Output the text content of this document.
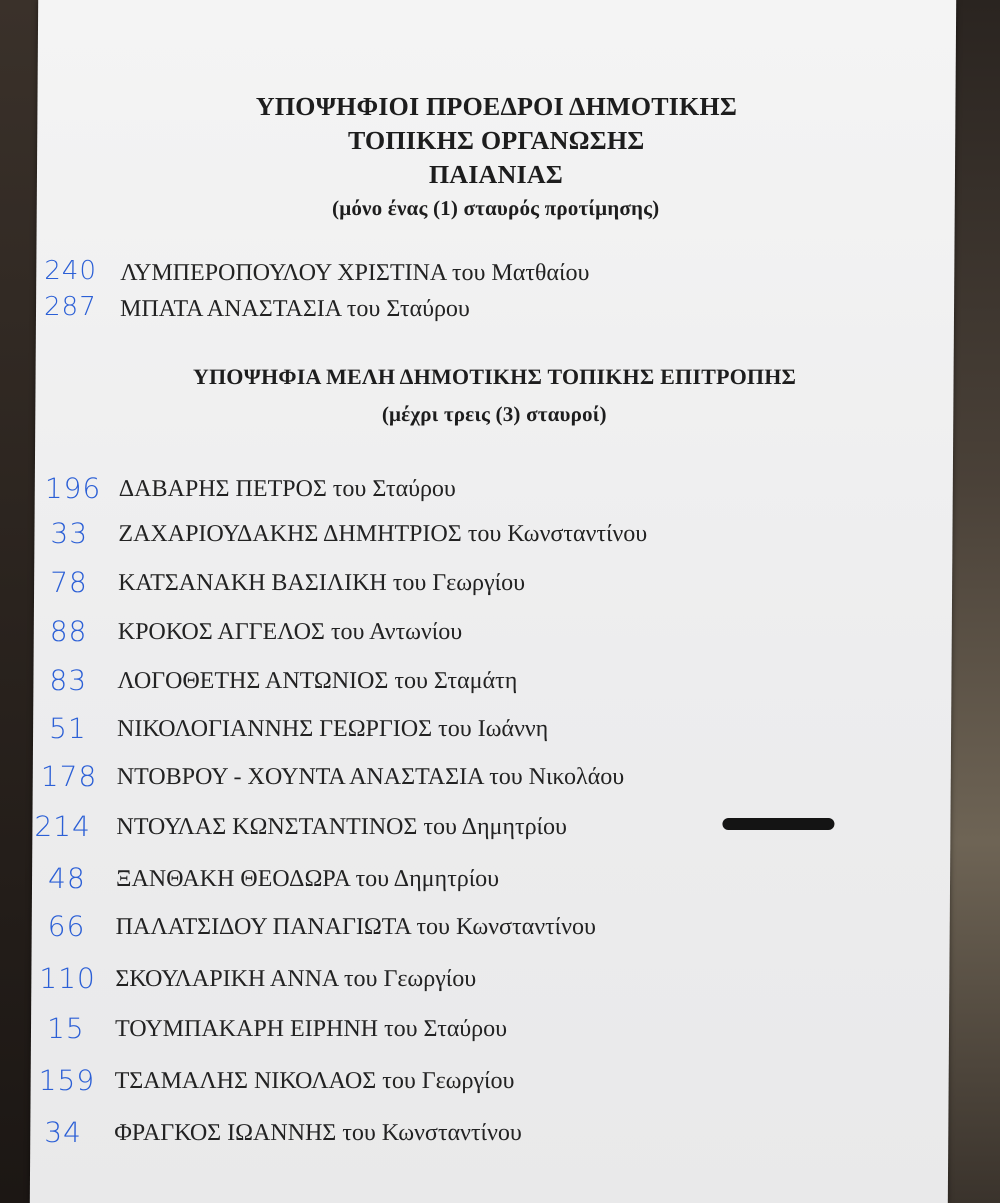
ΥΠΟΨΗΦΙΟΙ ΠΡΟΕΔΡΟΙ ΔΗΜΟΤΙΚΗΣ
ΤΟΠΙΚΗΣ ΟΡΓΑΝΩΣΗΣ
ΠΑΙΑΝΙΑΣ
(μόνο ένας (1) σταυρός προτίμησης)
240 ΛΥΜΠΕΡΟΠΟΥΛΟΥ ΧΡΙΣΤΙΝΑ του Ματθαίου
287 ΜΠΑΤΑ ΑΝΑΣΤΑΣΙΑ του Σταύρου
ΥΠΟΨΗΦΙΑ ΜΕΛΗ ΔΗΜΟΤΙΚΗΣ ΤΟΠΙΚΗΣ ΕΠΙΤΡΟΠΗΣ
(μέχρι τρεις (3) σταυροί)
196 ΔΑΒΑΡΗΣ ΠΕΤΡΟΣ του Σταύρου
33 ΖΑΧΑΡΙΟΥΔΑΚΗΣ ΔΗΜΗΤΡΙΟΣ του Κωνσταντίνου
78 ΚΑΤΣΑΝΑΚΗ ΒΑΣΙΛΙΚΗ του Γεωργίου
88 ΚΡΟΚΟΣ ΑΓΓΕΛΟΣ του Αντωνίου
83 ΛΟΓΟΘΕΤΗΣ ΑΝΤΩΝΙΟΣ του Σταμάτη
51 ΝΙΚΟΛΟΓΙΑΝΝΗΣ ΓΕΩΡΓΙΟΣ του Ιωάννη
178 ΝΤΟΒΡΟΥ - ΧΟΥΝΤΑ ΑΝΑΣΤΑΣΙΑ του Νικολάου
214 ΝΤΟΥΛΑΣ ΚΩΝΣΤΑΝΤΙΝΟΣ του Δημητρίου
48 ΞΑΝΘΑΚΗ ΘΕΟΔΩΡΑ του Δημητρίου
66 ΠΑΛΑΤΣΙΔΟΥ ΠΑΝΑΓΙΩΤΑ του Κωνσταντίνου
110 ΣΚΟΥΛΑΡΙΚΗ ΑΝΝΑ του Γεωργίου
15 ΤΟΥΜΠΑΚΑΡΗ ΕΙΡΗΝΗ του Σταύρου
159 ΤΣΑΜΑΛΗΣ ΝΙΚΟΛΑΟΣ του Γεωργίου
34 ΦΡΑΓΚΟΣ ΙΩΑΝΝΗΣ του Κωνσταντίνου
